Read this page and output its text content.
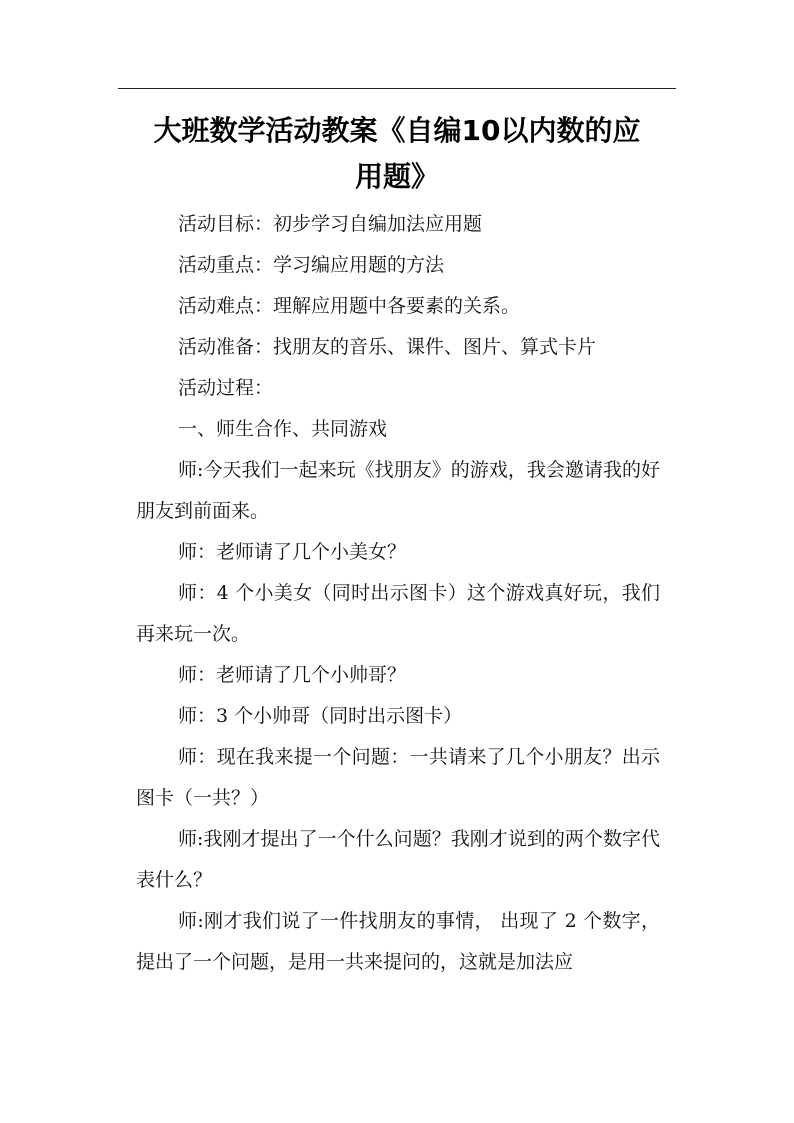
大班数学活动教案《自编10以内数的应
用题》

活动目标：初步学习自编加法应用题

活动重点：学习编应用题的方法

活动难点：理解应用题中各要素的关系。

活动准备：找朋友的音乐、课件、图片、算式卡片

活动过程：

一、师生合作、共同游戏

师:今天我们一起来玩《找朋友》的游戏，我会邀请我的好朋友到前面来。

师：老师请了几个小美女？

师：4 个小美女（同时出示图卡）这个游戏真好玩，我们再来玩一次。

师：老师请了几个小帅哥？

师：3 个小帅哥（同时出示图卡）

师：现在我来提一个问题：一共请来了几个小朋友？出示图卡（一共？）

师:我刚才提出了一个什么问题？我刚才说到的两个数字代表什么？

师:刚才我们说了一件找朋友的事情， 出现了 2 个数字，提出了一个问题，是用一共来提问的，这就是加法应
